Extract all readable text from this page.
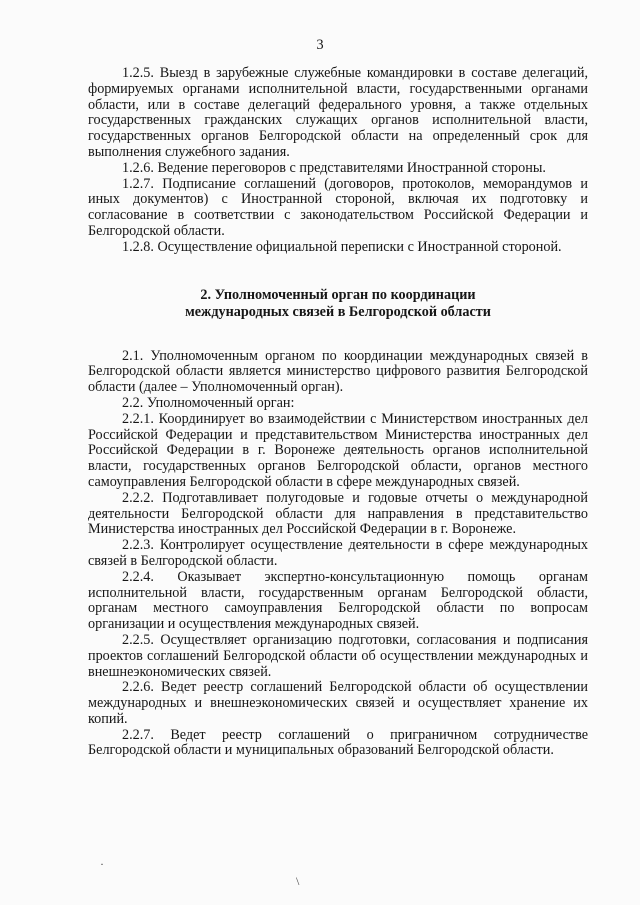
3

1.2.5. Выезд в зарубежные служебные командировки в составе делегаций, формируемых органами исполнительной власти, государственными органами области, или в составе делегаций федерального уровня, а также отдельных государственных гражданских служащих органов исполнительной власти, государственных органов Белгородской области на определенный срок для выполнения служебного задания.

1.2.6. Ведение переговоров с представителями Иностранной стороны.

1.2.7. Подписание соглашений (договоров, протоколов, меморандумов и иных документов) с Иностранной стороной, включая их подготовку и согласование в соответствии с законодательством Российской Федерации и Белгородской области.

1.2.8. Осуществление официальной переписки с Иностранной стороной.

2. Уполномоченный орган по координации
международных связей в Белгородской области

2.1. Уполномоченным органом по координации международных связей в Белгородской области является министерство цифрового развития Белгородской области (далее – Уполномоченный орган).

2.2. Уполномоченный орган:

2.2.1. Координирует во взаимодействии с Министерством иностранных дел Российской Федерации и представительством Министерства иностранных дел Российской Федерации в г. Воронеже деятельность органов исполнительной власти, государственных органов Белгородской области, органов местного самоуправления Белгородской области в сфере международных связей.

2.2.2. Подготавливает полугодовые и годовые отчеты о международной деятельности Белгородской области для направления в представительство Министерства иностранных дел Российской Федерации в г. Воронеже.

2.2.3. Контролирует осуществление деятельности в сфере международных связей в Белгородской области.

2.2.4. Оказывает экспертно-консультационную помощь органам исполнительной власти, государственным органам Белгородской области, органам местного самоуправления Белгородской области по вопросам организации и осуществления международных связей.

2.2.5. Осуществляет организацию подготовки, согласования и подписания проектов соглашений Белгородской области об осуществлении международных и внешнеэкономических связей.

2.2.6. Ведет реестр соглашений Белгородской области об осуществлении международных и внешнеэкономических связей и осуществляет хранение их копий.

2.2.7. Ведет реестр соглашений о приграничном сотрудничестве Белгородской области и муниципальных образований Белгородской области.

\
·
